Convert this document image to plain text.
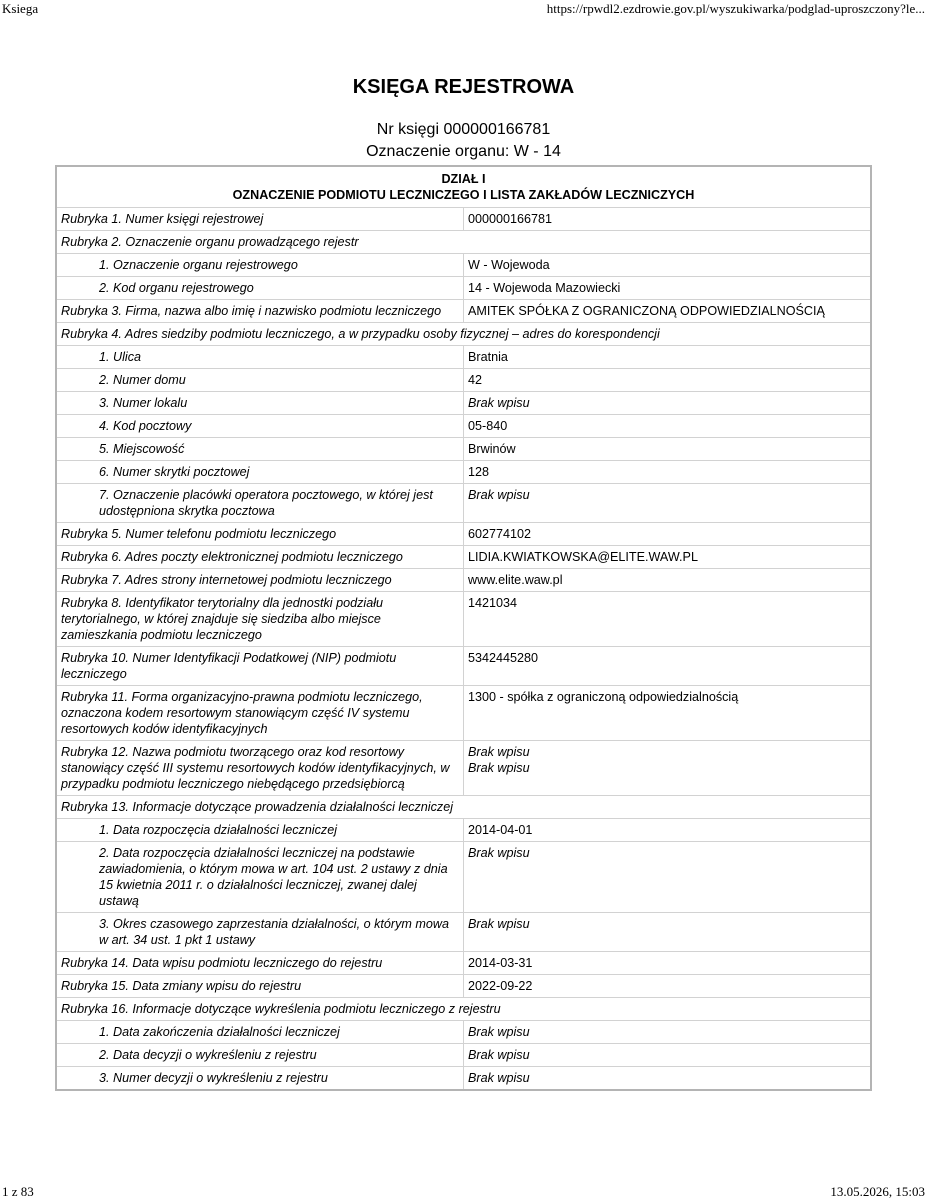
Ksiega	https://rpwdl2.ezdrowie.gov.pl/wyszukiwarka/podglad-uproszczony?le...
KSIĘGA REJESTROWA
Nr księgi 000000166781
Oznaczenie organu: W - 14
DZIAŁ I
OZNACZENIE PODMIOTU LECZNICZEGO I LISTA ZAKŁADÓW LECZNICZYCH	

Rubryka 1. Numer księgi rejestrowej	000000166781

Rubryka 2. Oznaczenie organu prowadzącego rejestr	
1. Oznaczenie organu rejestrowego	W - Wojewoda

2. Kod organu rejestrowego	14 - Wojewoda Mazowiecki

Rubryka 3. Firma, nazwa albo imię i nazwisko podmiotu leczniczego	AMITEK SPÓŁKA Z OGRANICZONĄ ODPOWIEDZIALNOŚCIĄ

Rubryka 4. Adres siedziby podmiotu leczniczego, a w przypadku osoby fizycznej – adres do korespondencji	
1. Ulica	Bratnia

2. Numer domu	42

3. Numer lokalu	Brak wpisu

4. Kod pocztowy	05-840

5. Miejscowość	Brwinów

6. Numer skrytki pocztowej	128

7. Oznaczenie placówki operatora pocztowego, w której jest udostępniona skrytka pocztowa	Brak wpisu

Rubryka 5. Numer telefonu podmiotu leczniczego	602774102

Rubryka 6. Adres poczty elektronicznej podmiotu leczniczego	LIDIA.KWIATKOWSKA@ELITE.WAW.PL

Rubryka 7. Adres strony internetowej podmiotu leczniczego	www.elite.waw.pl

Rubryka 8. Identyfikator terytorialny dla jednostki podziału terytorialnego, w której znajduje się siedziba albo miejsce zamieszkania podmiotu leczniczego	1421034

Rubryka 10. Numer Identyfikacji Podatkowej (NIP) podmiotu leczniczego	5342445280

Rubryka 11. Forma organizacyjno-prawna podmiotu leczniczego, oznaczona kodem resortowym stanowiącym część IV systemu resortowych kodów identyfikacyjnych	1300 - spółka z ograniczoną odpowiedzialnością

Rubryka 12. Nazwa podmiotu tworzącego oraz kod resortowy stanowiący część III systemu resortowych kodów identyfikacyjnych, w przypadku podmiotu leczniczego niebędącego przedsiębiorcą	Brak wpisu
Brak wpisu

Rubryka 13. Informacje dotyczące prowadzenia działalności leczniczej	
1. Data rozpoczęcia działalności leczniczej	2014-04-01

2. Data rozpoczęcia działalności leczniczej na podstawie zawiadomienia, o którym mowa w art. 104 ust. 2 ustawy z dnia 15 kwietnia 2011 r. o działalności leczniczej, zwanej dalej ustawą	Brak wpisu

3. Okres czasowego zaprzestania działalności, o którym mowa w art. 34 ust. 1 pkt 1 ustawy	Brak wpisu

Rubryka 14. Data wpisu podmiotu leczniczego do rejestru	2014-03-31

Rubryka 15. Data zmiany wpisu do rejestru	2022-09-22

Rubryka 16. Informacje dotyczące wykreślenia podmiotu leczniczego z rejestru	
1. Data zakończenia działalności leczniczej	Brak wpisu

2. Data decyzji o wykreśleniu z rejestru	Brak wpisu

3. Numer decyzji o wykreśleniu z rejestru	Brak wpisu
1 z 83	13.05.2026, 15:03
